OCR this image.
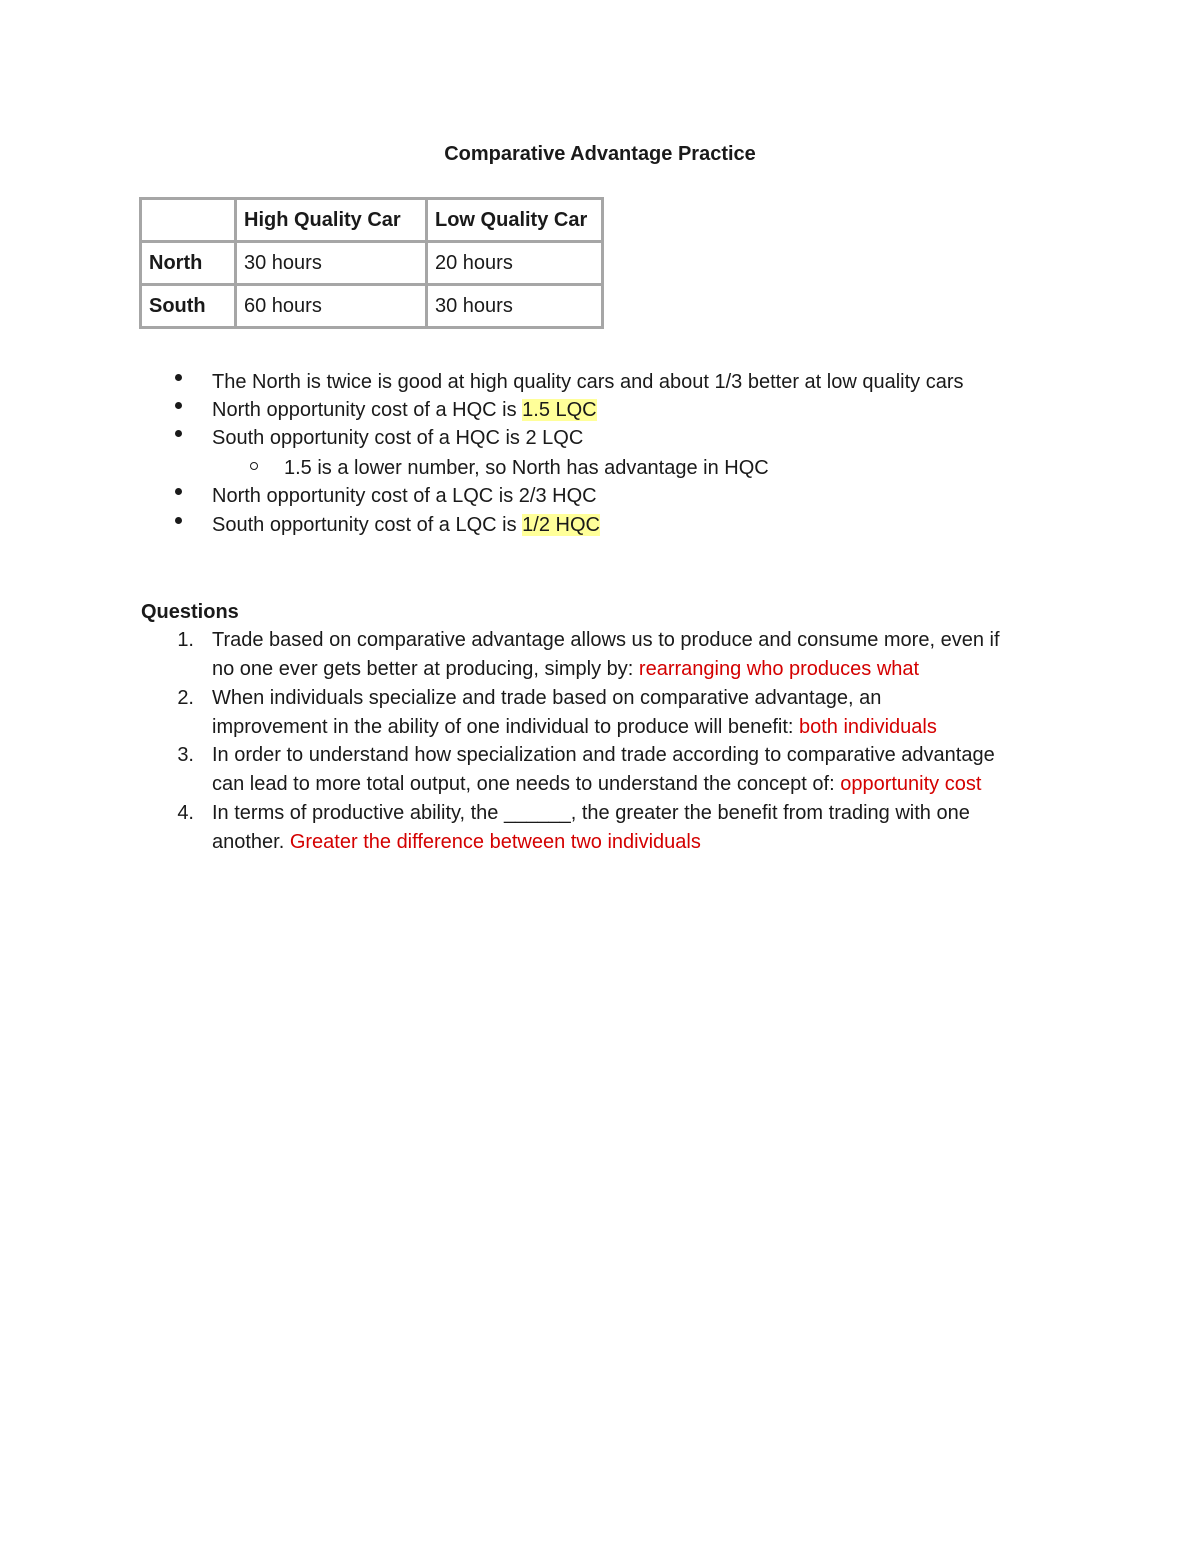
Comparative Advantage Practice
	High Quality Car	Low Quality Car
North	30 hours	20 hours
South	60 hours	30 hours
The North is twice is good at high quality cars and about 1/3 better at low quality cars
North opportunity cost of a HQC is 1.5 LQC
South opportunity cost of a HQC is 2 LQC
1.5 is a lower number, so North has advantage in HQC
North opportunity cost of a LQC is 2/3 HQC
South opportunity cost of a LQC is 1/2 HQC
Questions
1. Trade based on comparative advantage allows us to produce and consume more, even if
no one ever gets better at producing, simply by: rearranging who produces what
2. When individuals specialize and trade based on comparative advantage, an
improvement in the ability of one individual to produce will benefit: both individuals
3. In order to understand how specialization and trade according to comparative advantage
can lead to more total output, one needs to understand the concept of: opportunity cost
4. In terms of productive ability, the ______, the greater the benefit from trading with one
another. Greater the difference between two individuals
